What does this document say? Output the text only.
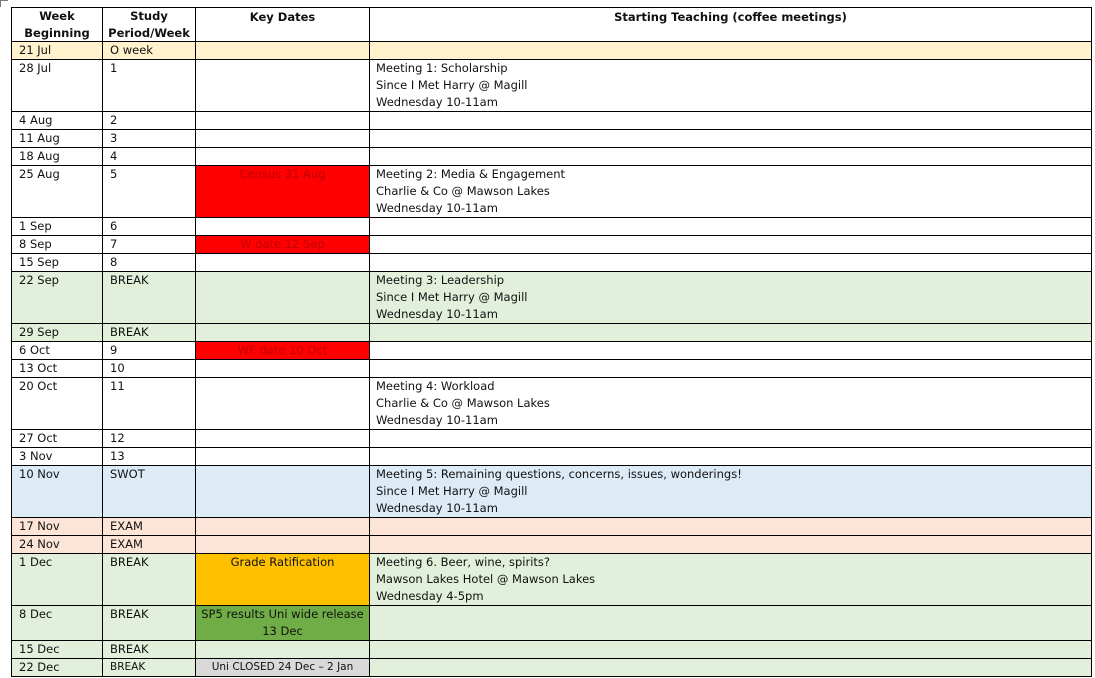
Week Beginning	Study Period/Week	Key Dates	Starting Teaching (coffee meetings)
21 Jul	O week		
28 Jul	1		Meeting 1: Scholarship
Since I Met Harry @ Magill
Wednesday 10-11am

4 Aug	2		
11 Aug	3		
18 Aug	4		
25 Aug	5	Census 31 Aug	Meeting 2: Media & Engagement
Charlie & Co @ Mawson Lakes
Wednesday 10-11am

1 Sep	6		
8 Sep	7	W date 12 Sep	
15 Sep	8		
22 Sep	BREAK		Meeting 3: Leadership
Since I Met Harry @ Magill
Wednesday 10-11am

29 Sep	BREAK		
6 Oct	9	WF date 10 Oct	
13 Oct	10		
20 Oct	11		Meeting 4: Workload
Charlie & Co @ Mawson Lakes
Wednesday 10-11am

27 Oct	12		
3 Nov	13		
10 Nov	SWOT		Meeting 5: Remaining questions, concerns, issues, wonderings!
Since I Met Harry @ Magill
Wednesday 10-11am

17 Nov	EXAM		
24 Nov	EXAM		
1 Dec	BREAK	Grade Ratification	Meeting 6. Beer, wine, spirits?
Mawson Lakes Hotel @ Mawson Lakes
Wednesday 4-5pm

8 Dec	BREAK	SP5 results Uni wide release 13 Dec	
15 Dec	BREAK		
22 Dec	BREAK	Uni CLOSED 24 Dec – 2 Jan	
